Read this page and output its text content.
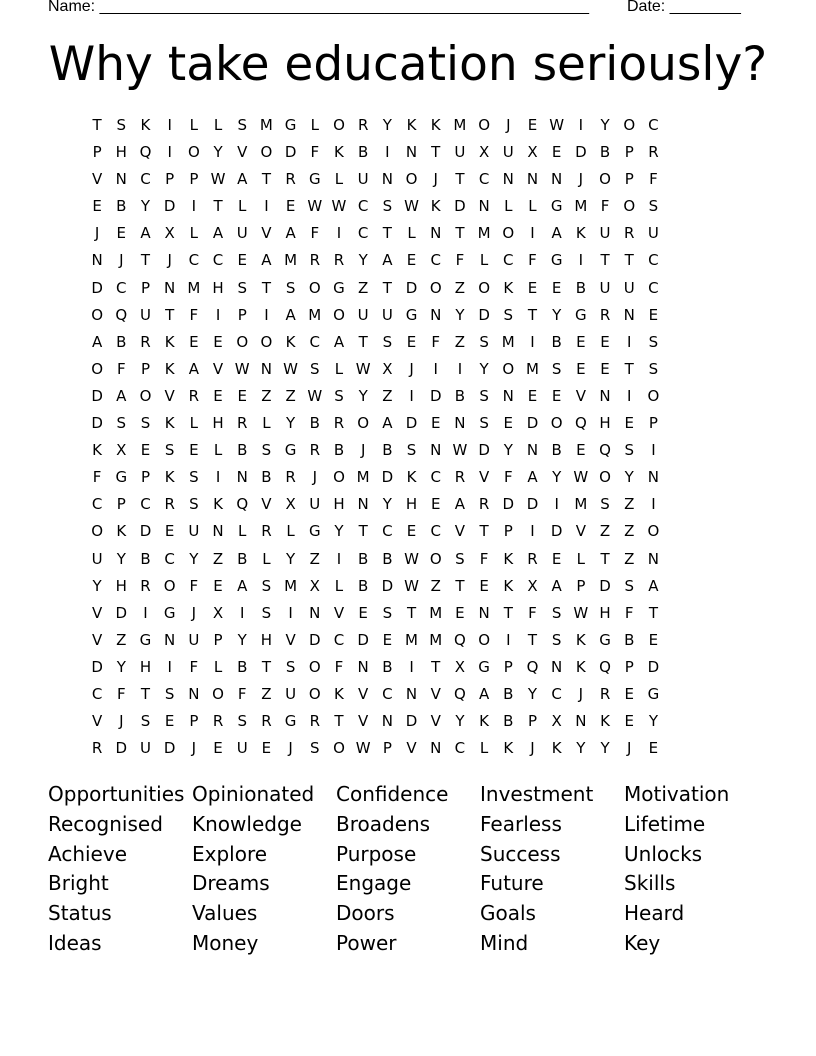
Name: _______________________________________________________ Date: ________
Why take education seriously?
T S K	I	L	L	S M G L O R Y K K M O	J	E W I	Y O C
P H Q	I	O Y V O D F K B	I	N T U X U X E D B P R
V N C P	P W A T R G L U N O	J	T C N N N	J	O P	F
E B Y D	I	T	L	I	E W W C S W K D N L	L G M F O S
J	E A X L A U V A F	I	C T	L N T M O	I	A K U R U
N	J	T	J	C C E A M R R Y A E C F	L C F G	I	T	T C
D C P N M H S T S O G Z T D O Z O K E E B U U C
O Q U T	F	I	P	I	A M O U U G N Y D S T	Y G R N E
A B R K E E O O K C A T S E	F Z S M	I	B E E	I	S
O F	P K A V W N W S	L W X	J	I	I	Y O M S E E T S
D A O V R E E Z Z W S Y Z	I	D B S N E E V N	I	O
D S S K	L H R L	Y B R O A D E N S E D O Q H E P
K X E S E	L B S G R B	J	B S N W D Y N B E Q S	I
F G P K S	I	N B R	J	O M D K C R V F A Y W O Y N
C P C R S K Q V X U H N Y H E A R D D	I	M S Z	I
O K D E U N L R L G Y	T C E C V T	P	I	D V Z Z O
U Y B C Y Z B L	Y Z	I	B B W O S	F K R E	L	T Z N
Y H R O F	E A S M X L B D W Z T E K X A P D S A
V D	I	G	J	X	I	S	I	N V E S T M E N T	F	S W H F	T
V Z G N U P	Y H V D C D E M M Q O	I	T S K G B E
D Y H	I	F	L B T S O F N B	I	T X G P Q N K Q P D
C F	T S N O F Z U O K V C N V Q A B Y C	J	R E G
V	J	S E P R S R G R T V N D V Y K B P X N K E Y
R D U D	J	E U E	J	S O W P V N C L	K	J	K Y	Y	J	E
Opportunities Opinionated	Confidence	Investment	Motivation
Recognised	Knowledge	Broadens	Fearless	Lifetime
Achieve	Explore	Purpose	Success	Unlocks
Bright	Dreams	Engage	Future	Skills
Status	Values	Doors	Goals	Heard
Ideas	Money	Power	Mind	Key
